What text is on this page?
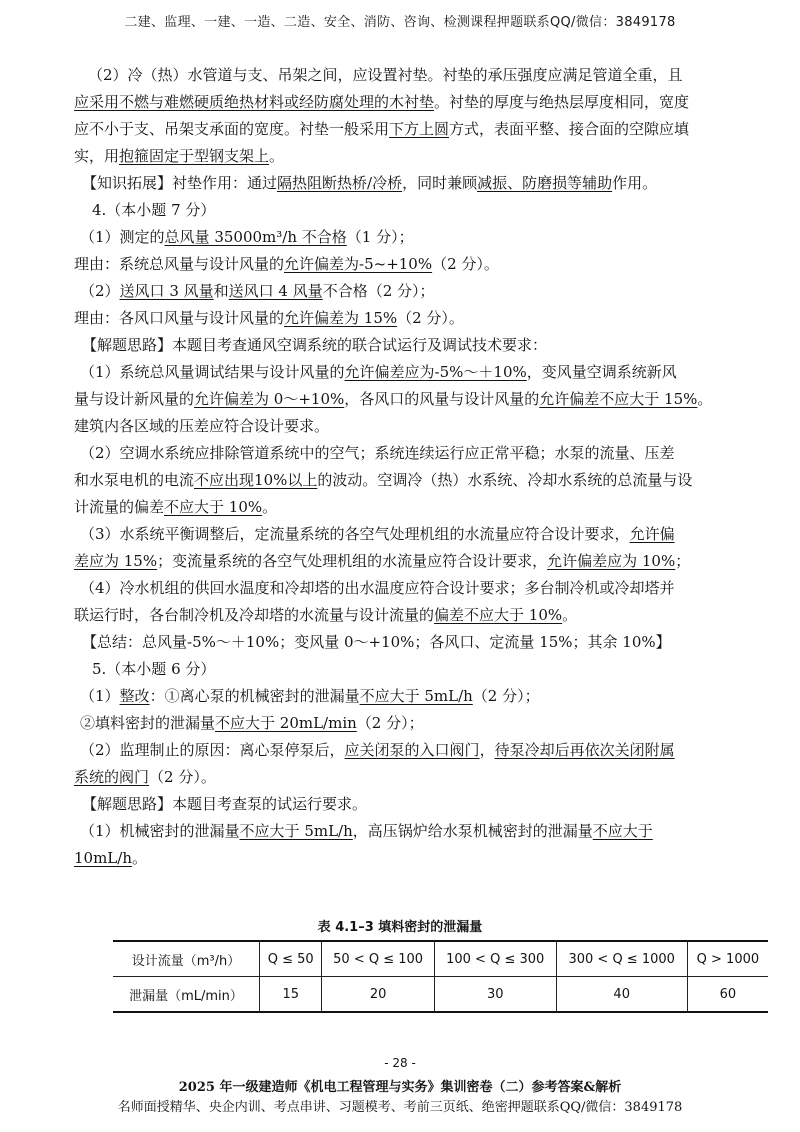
二建、监理、一建、一造、二造、安全、消防、咨询、检测课程押题联系QQ/微信：3849178

（2）冷（热）水管道与支、吊架之间，应设置衬垫。衬垫的承压强度应满足管道全重，且

应采用不燃与难燃硬质绝热材料或经防腐处理的木衬垫。衬垫的厚度与绝热层厚度相同，宽度

应不小于支、吊架支承面的宽度。衬垫一般采用下方上圆方式，表面平整、接合面的空隙应填

实，用抱箍固定于型钢支架上。

【知识拓展】衬垫作用：通过隔热阻断热桥/冷桥，同时兼顾减振、防磨损等辅助作用。

4.（本小题 7 分）

（1）测定的总风量 35000m³/h 不合格（1 分）；

理由：系统总风量与设计风量的允许偏差为-5~+10%（2 分）。

（2）送风口 3 风量和送风口 4 风量不合格（2 分）；

理由：各风口风量与设计风量的允许偏差为 15%（2 分）。

【解题思路】本题目考查通风空调系统的联合试运行及调试技术要求：

（1）系统总风量调试结果与设计风量的允许偏差应为-5%～＋10%，变风量空调系统新风

量与设计新风量的允许偏差为 0～+10%，各风口的风量与设计风量的允许偏差不应大于 15%。

建筑内各区域的压差应符合设计要求。

（2）空调水系统应排除管道系统中的空气；系统连续运行应正常平稳；水泵的流量、压差

和水泵电机的电流不应出现10%以上的波动。空调冷（热）水系统、冷却水系统的总流量与设

计流量的偏差不应大于 10%。

（3）水系统平衡调整后，定流量系统的各空气处理机组的水流量应符合设计要求，允许偏

差应为 15%；变流量系统的各空气处理机组的水流量应符合设计要求，允许偏差应为 10%；

（4）冷水机组的供回水温度和冷却塔的出水温度应符合设计要求；多台制冷机或冷却塔并

联运行时，各台制冷机及冷却塔的水流量与设计流量的偏差不应大于 10%。

【总结：总风量-5%～＋10%；变风量 0～+10%；各风口、定流量 15%；其余 10%】

5.（本小题 6 分）

（1）整改：①离心泵的机械密封的泄漏量不应大于 5mL/h（2 分）；

②填料密封的泄漏量不应大于 20mL/min（2 分）；

（2）监理制止的原因：离心泵停泵后，应关闭泵的入口阀门，待泵冷却后再依次关闭附属

系统的阀门（2 分）。

【解题思路】本题目考查泵的试运行要求。

（1）机械密封的泄漏量不应大于 5mL/h，高压锅炉给水泵机械密封的泄漏量不应大于

10mL/h。

表 4.1–3 填料密封的泄漏量
设计流量（m³/h）	Q ≤ 50	50 < Q ≤ 100	100 < Q ≤ 300	300 < Q ≤ 1000	Q > 1000
泄漏量（mL/min）	15	20	30	40	60
- 28 -
2025 年一级建造师《机电工程管理与实务》集训密卷（二）参考答案&解析
名师面授精华、央企内训、考点串讲、习题模考、考前三页纸、绝密押题联系QQ/微信：3849178
